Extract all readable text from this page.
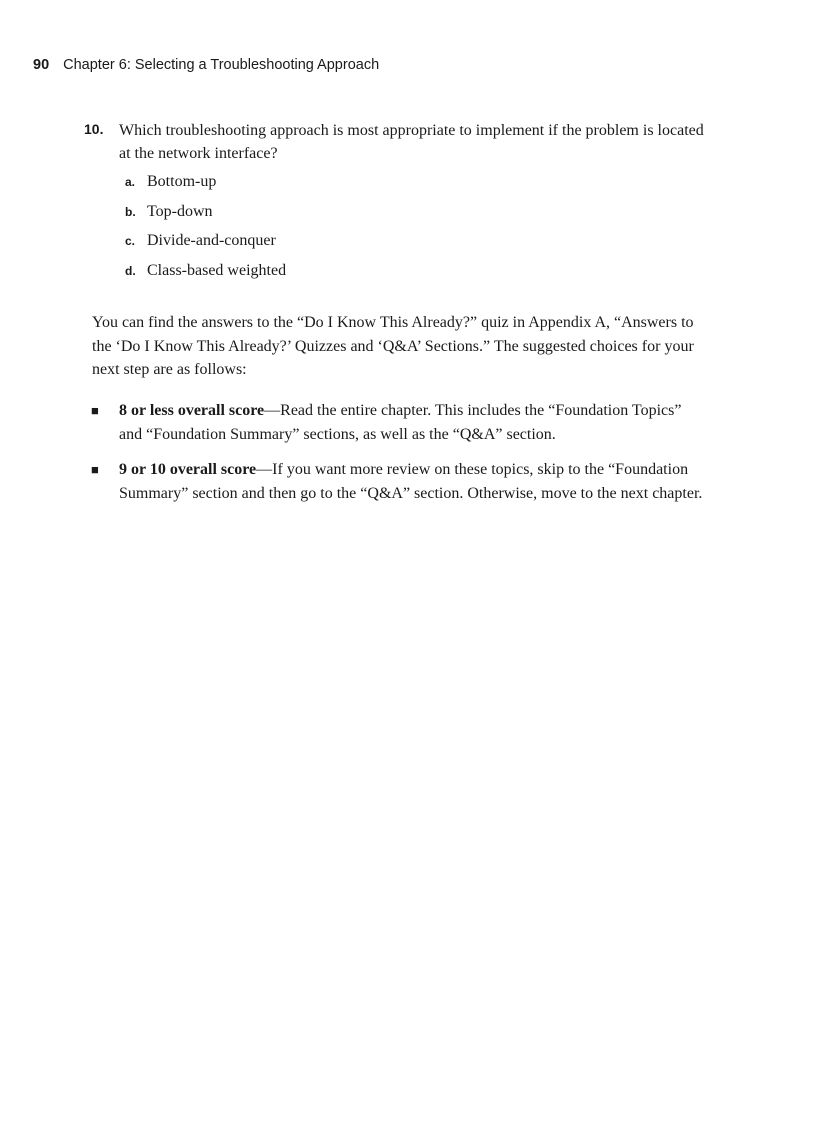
90 Chapter 6: Selecting a Troubleshooting Approach
10. Which troubleshooting approach is most appropriate to implement if the problem is located at the network interface?
a. Bottom-up
b. Top-down
c. Divide-and-conquer
d. Class-based weighted

You can find the answers to the “Do I Know This Already?” quiz in Appendix A, “Answers to the ‘Do I Know This Already?’ Quizzes and ‘Q&A’ Sections.” The suggested choices for your next step are as follows:

■	8 or less overall score—Read the entire chapter. This includes the “Foundation Topics” and “Foundation Summary” sections, as well as the “Q&A” section.
■	9 or 10 overall score—If you want more review on these topics, skip to the “Foundation Summary” section and then go to the “Q&A” section. Otherwise, move to the next chapter.
